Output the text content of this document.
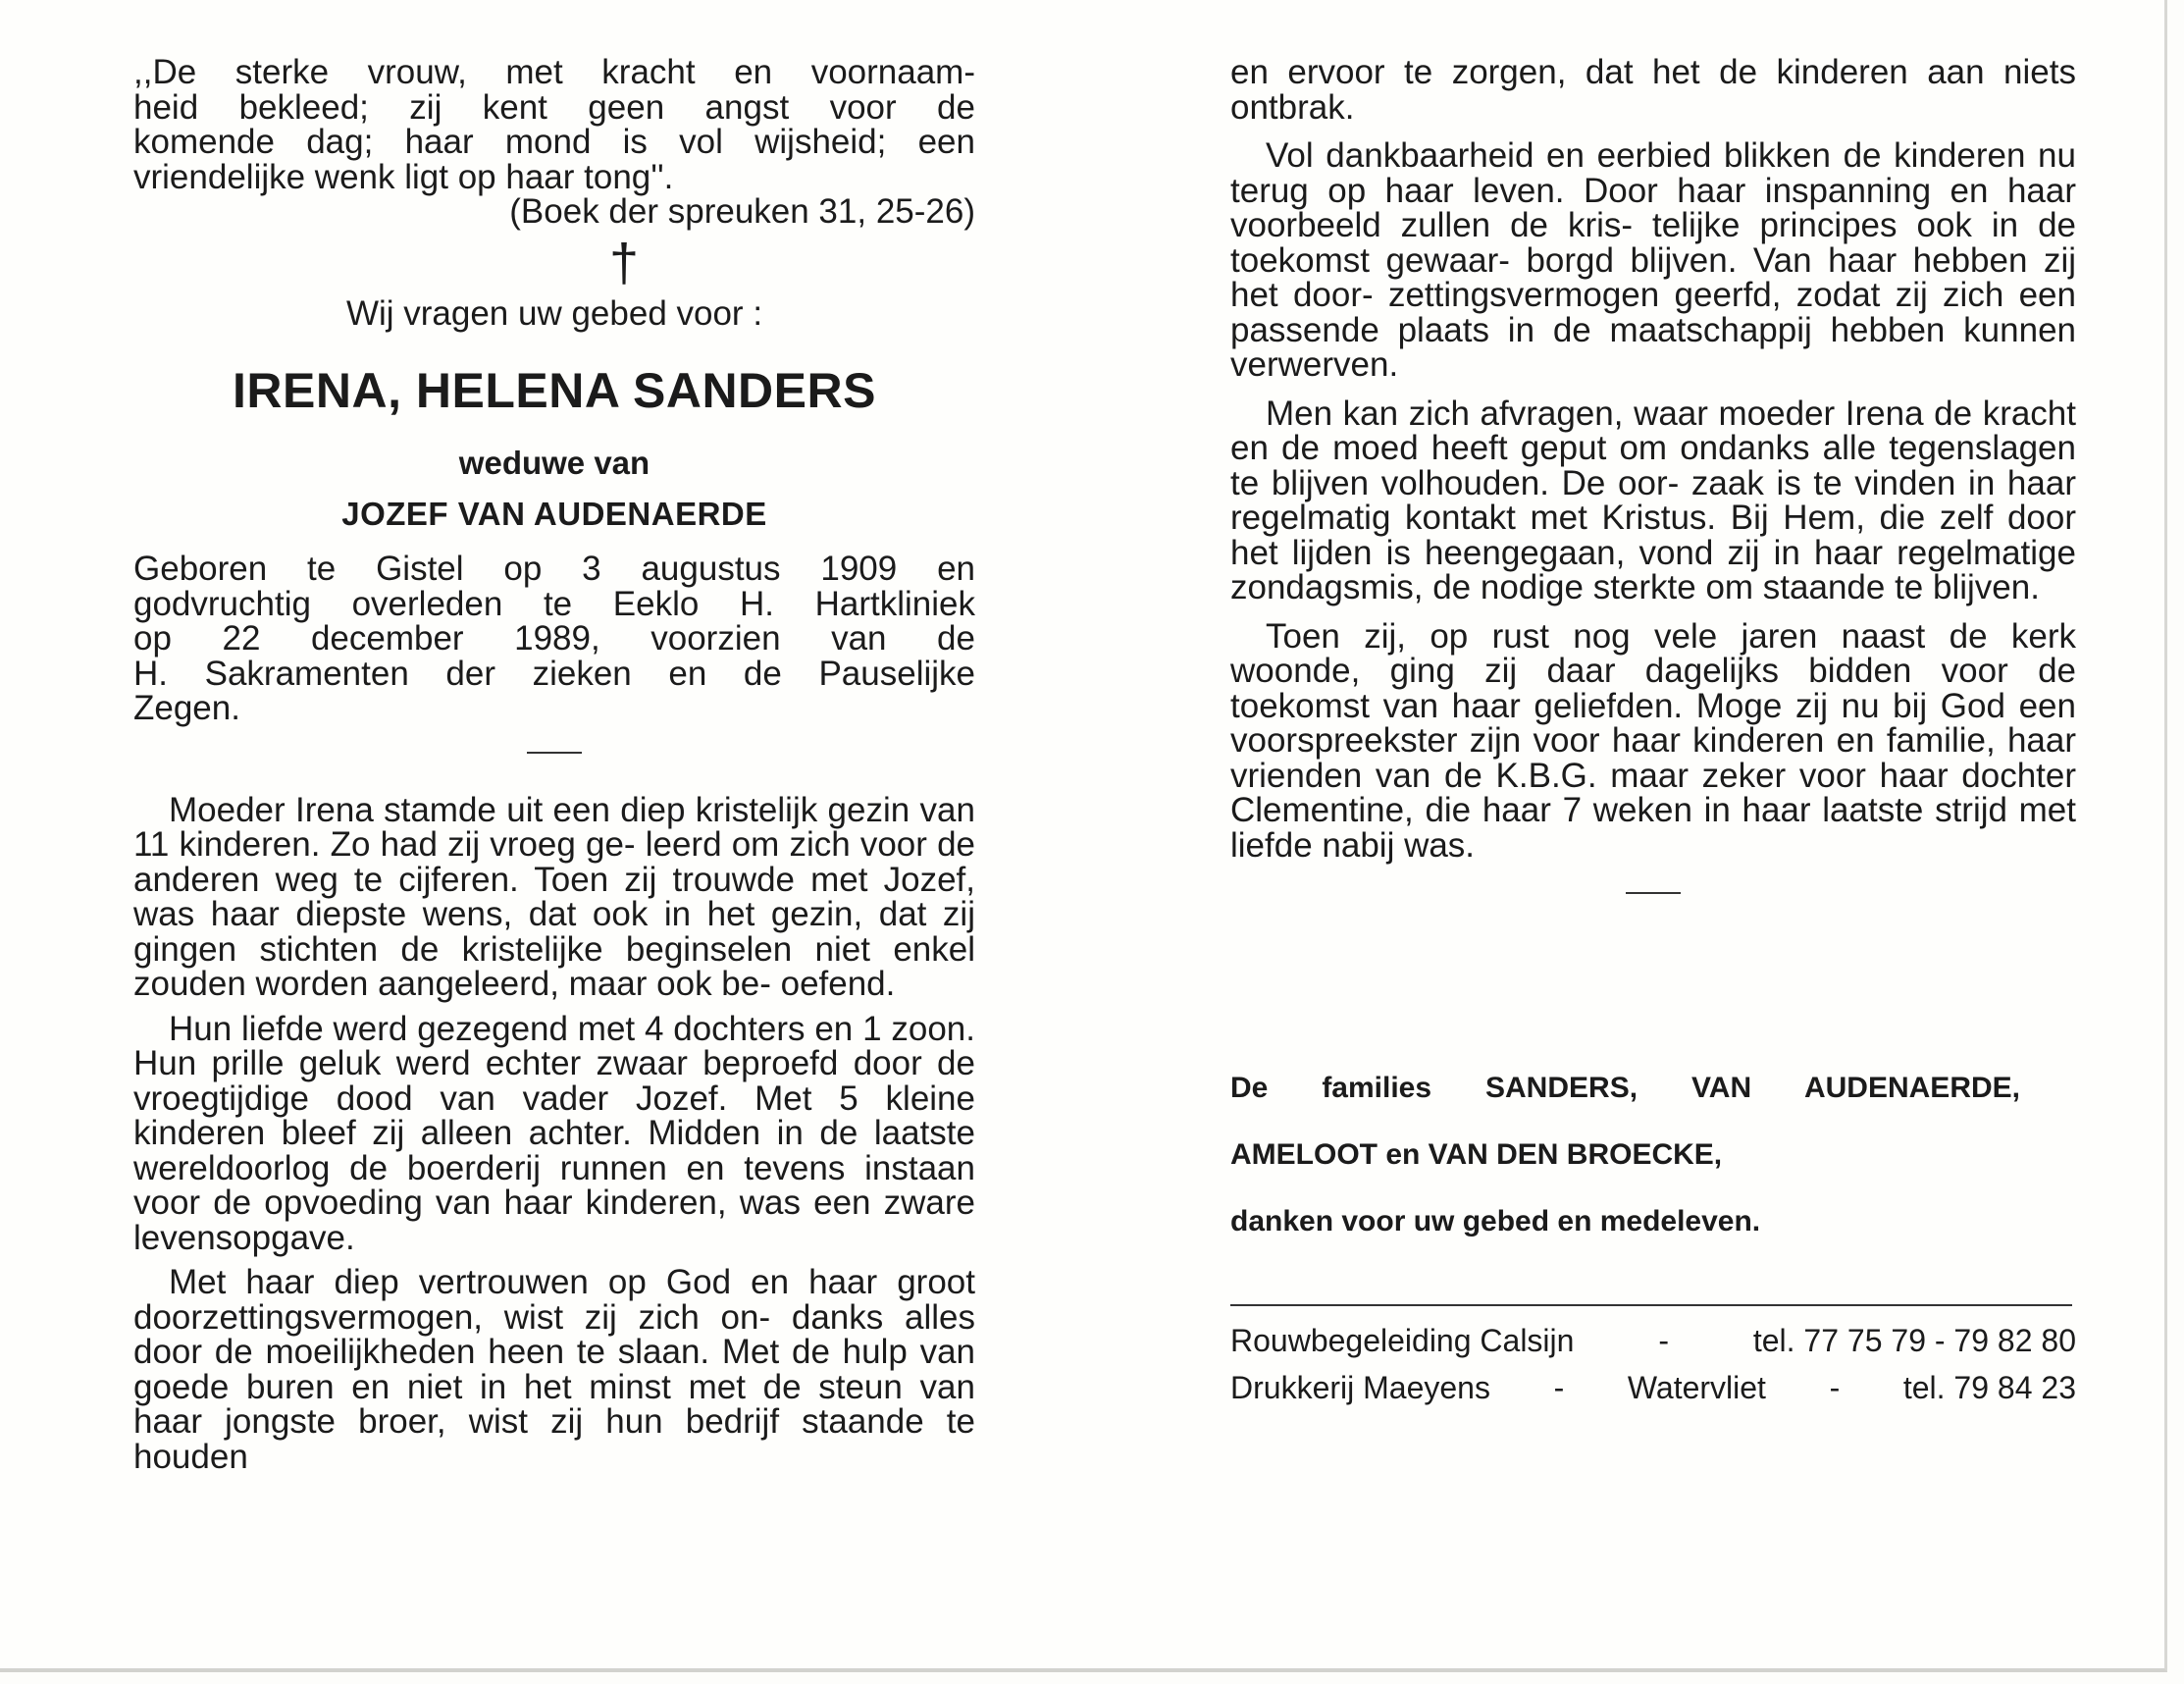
,,De sterke vrouw, met kracht en voornaam-

heid bekleed; zij kent geen angst voor de

komende dag; haar mond is vol wijsheid; een

vriendelijke wenk ligt op haar tong''.

(Boek der spreuken 31, 25-26)

†

Wij vragen uw gebed voor :

IRENA, HELENA SANDERS

weduwe van

JOZEF VAN AUDENAERDE

Geboren te Gistel op 3 augustus 1909 en

godvruchtig overleden te Eeklo H. Hartkliniek

op 22 december 1989, voorzien van de

H. Sakramenten der zieken en de Pauselijke

Zegen.

Moeder Irena stamde uit een diep kristelijk gezin van 11 kinderen. Zo had zij vroeg ge- leerd om zich voor de anderen weg te cijferen. Toen zij trouwde met Jozef, was haar diepste wens, dat ook in het gezin, dat zij gingen stichten de kristelijke beginselen niet enkel zouden worden aangeleerd, maar ook be- oefend.

Hun liefde werd gezegend met 4 dochters en 1 zoon. Hun prille geluk werd echter zwaar beproefd door de vroegtijdige dood van vader Jozef. Met 5 kleine kinderen bleef zij alleen achter. Midden in de laatste wereldoorlog de boerderij runnen en tevens instaan voor de opvoeding van haar kinderen, was een zware levensopgave.

Met haar diep vertrouwen op God en haar groot doorzettingsvermogen, wist zij zich on- danks alles door de moeilijkheden heen te slaan. Met de hulp van goede buren en niet in het minst met de steun van haar jongste broer, wist zij hun bedrijf staande te houden

en ervoor te zorgen, dat het de kinderen aan niets ontbrak.

Vol dankbaarheid en eerbied blikken de kinderen nu terug op haar leven. Door haar inspanning en haar voorbeeld zullen de kris- telijke principes ook in de toekomst gewaar- borgd blijven. Van haar hebben zij het door- zettingsvermogen geerfd, zodat zij zich een passende plaats in de maatschappij hebben kunnen verwerven.

Men kan zich afvragen, waar moeder Irena de kracht en de moed heeft geput om ondanks alle tegenslagen te blijven volhouden. De oor- zaak is te vinden in haar regelmatig kontakt met Kristus. Bij Hem, die zelf door het lijden is heengegaan, vond zij in haar regelmatige zondagsmis, de nodige sterkte om staande te blijven.

Toen zij, op rust nog vele jaren naast de kerk woonde, ging zij daar dagelijks bidden voor de toekomst van haar geliefden. Moge zij nu bij God een voorspreekster zijn voor haar kinderen en familie, haar vrienden van de K.B.G. maar zeker voor haar dochter Clementine, die haar 7 weken in haar laatste strijd met liefde nabij was.

De families SANDERS, VAN AUDENAERDE,

AMELOOT en VAN DEN BROECKE,

danken voor uw gebed en medeleven.

Rouwbegeleiding Calsijn	-	tel. 77 75 79 - 79 82 80
Drukkerij Maeyens - Watervliet - tel. 79 84 23
